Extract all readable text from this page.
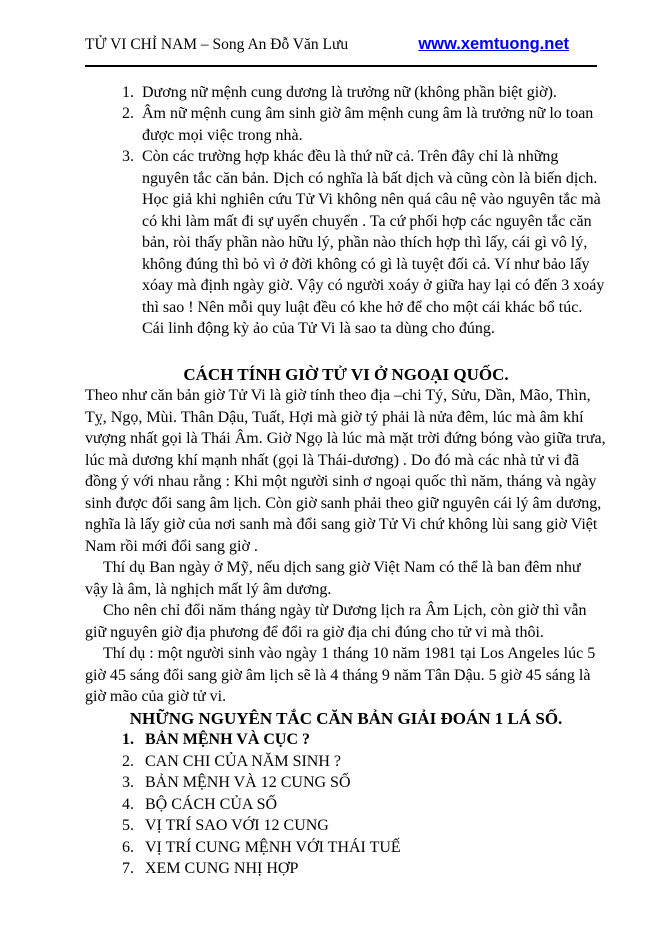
TỬ VI CHỈ NAM – Song An Đỗ Văn Lưu	www.xemtuong.net
1. Dương nữ mệnh cung dương là trưởng nữ (không phần biệt giờ).
2. Âm nữ mệnh cung âm sinh giờ âm mệnh cung âm là trưởng nữ lo toan được mọi việc trong nhà.
3. Còn các trường hợp khác đều là thứ nữ cả. Trên đây chỉ là những nguyên tắc căn bản. Dịch có nghĩa là bất dịch và cũng còn là biến dịch. Học giả khi nghiên cứu Tử Vi không nên quá câu nệ vào nguyên tắc mà có khi làm mất đi sự uyển chuyển . Ta cứ phối hợp các nguyên tắc căn bản, ròi thấy phần nào hữu lý, phần nào thích hợp thì lấy, cái gì vô lý, không đúng thì bỏ vì ở đời không có gì là tuyệt đối cả. Ví như bảo lấy xóay mà định ngày giờ. Vậy có người xoáy ở giữa hay lại có đến 3 xoáy thì sao ! Nên mỗi quy luật đều có khe hở để cho một cái khác bổ túc. Cái linh động kỳ ảo của Tử Vi là sao ta dùng cho đúng.
CÁCH TÍNH GIỜ TỬ VI Ở NGOẠI QUỐC.

Theo như căn bản giờ Tử Vi là giờ tính theo địa –chi Tý, Sửu, Dần, Mão, Thìn, Tỵ, Ngọ, Mùi. Thân Dậu, Tuất, Hợi mà giờ tý phải là nửa đêm, lúc mà âm khí vượng nhất gọi là Thái Âm. Giờ Ngọ là lúc mà mặt trời đứng bóng vào giữa trưa, lúc mà dương khí mạnh nhất (gọi là Thái-dương) . Do đó mà các nhà tử vi đã đồng ý với nhau rằng : Khi một người sinh ơ ngoại quốc thì năm, tháng và ngày sinh được đổi sang âm lịch. Còn giờ sanh phải theo giữ nguyên cái lý âm dương, nghĩa là lấy giờ của nơi sanh mà đổi sang giờ Tử Vi chứ không lùi sang giờ Việt Nam rồi mới đổi sang giờ .

Thí dụ Ban ngày ở Mỹ, nếu dịch sang giờ Việt Nam có thể là ban đêm như vậy là âm, là nghịch mất lý âm dương.

Cho nên chỉ đổi năm tháng ngày từ Dương lịch ra Âm Lịch, còn giờ thì vẫn giữ nguyên giờ địa phương để đổi ra giờ địa chi đúng cho tử vi mà thôi.

Thí dụ : một người sinh vào ngày 1 tháng 10 năm 1981 tại Los Angeles lúc 5 giờ 45 sáng đổi sang giờ âm lịch sẽ là 4 tháng 9 năm Tân Dậu. 5 giờ 45 sáng là giờ mão của giờ tử vi.

NHỮNG NGUYÊN TẮC CĂN BẢN GIẢI ĐOÁN 1 LÁ SỐ.
1. BẢN MỆNH VÀ CỤC ?
2. CAN CHI CỦA NĂM SINH ?
3. BẢN MỆNH VÀ 12 CUNG SỐ
4. BỘ CÁCH CỦA SỐ
5. VỊ TRÍ SAO VỚI 12 CUNG
6. VỊ TRÍ CUNG MỆNH VỚI THÁI TUẾ
7. XEM CUNG NHỊ HỢP
